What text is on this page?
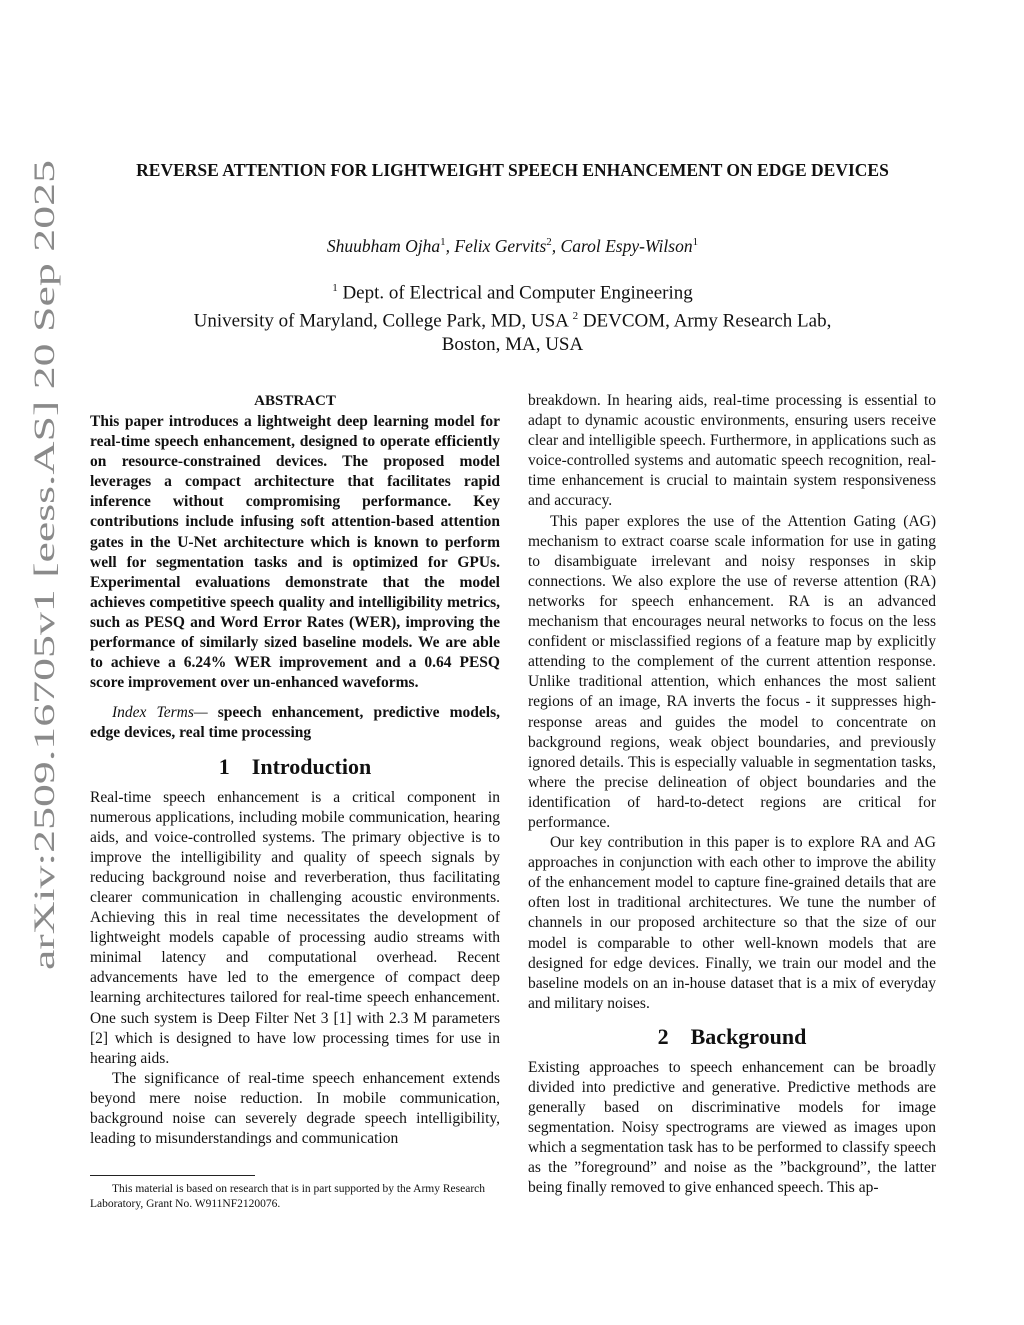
arXiv:2509.16705v1 [eess.AS] 20 Sep 2025
REVERSE ATTENTION FOR LIGHTWEIGHT SPEECH ENHANCEMENT ON EDGE DEVICES
Shuubham Ojha$^1$, Felix Gervits$^2$, Carol Espy-Wilson$^1$
$^1$ Dept. of Electrical and Computer Engineering
University of Maryland, College Park, MD, USA $^2$ DEVCOM, Army Research Lab,
Boston, MA, USA
ABSTRACT

This paper introduces a lightweight deep learning model for real-time speech enhancement, designed to operate efficiently on resource-constrained devices. The proposed model leverages a compact architecture that facilitates rapid inference without compromising performance. Key contributions include infusing soft attention-based attention gates in the U-Net architecture which is known to perform well for segmentation tasks and is optimized for GPUs. Experimental evaluations demonstrate that the model achieves competitive speech quality and intelligibility metrics, such as PESQ and Word Error Rates (WER), improving the performance of similarly sized baseline models. We are able to achieve a 6.24% WER improvement and a 0.64 PESQ score improvement over un-enhanced waveforms.

Index Terms— speech enhancement, predictive models, edge devices, real time processing

1 Introduction

Real-time speech enhancement is a critical component in numerous applications, including mobile communication, hearing aids, and voice-controlled systems. The primary objective is to improve the intelligibility and quality of speech signals by reducing background noise and reverberation, thus facilitating clearer communication in challenging acoustic environments. Achieving this in real time necessitates the development of lightweight models capable of processing audio streams with minimal latency and computational overhead. Recent advancements have led to the emergence of compact deep learning architectures tailored for real-time speech enhancement. One such system is Deep Filter Net 3 [1] with 2.3 M parameters [2] which is designed to have low processing times for use in hearing aids.

The significance of real-time speech enhancement extends beyond mere noise reduction. In mobile communication, background noise can severely degrade speech intelligibility, leading to misunderstandings and communication

breakdown. In hearing aids, real-time processing is essential to adapt to dynamic acoustic environments, ensuring users receive clear and intelligible speech. Furthermore, in applications such as voice-controlled systems and automatic speech recognition, real-time enhancement is crucial to maintain system responsiveness and accuracy.

This paper explores the use of the Attention Gating (AG) mechanism to extract coarse scale information for use in gating to disambiguate irrelevant and noisy responses in skip connections. We also explore the use of reverse attention (RA) networks for speech enhancement. RA is an advanced mechanism that encourages neural networks to focus on the less confident or misclassified regions of a feature map by explicitly attending to the complement of the current attention response. Unlike traditional attention, which enhances the most salient regions of an image, RA inverts the focus - it suppresses high-response areas and guides the model to concentrate on background regions, weak object boundaries, and previously ignored details. This is especially valuable in segmentation tasks, where the precise delineation of object boundaries and the identification of hard-to-detect regions are critical for performance.

Our key contribution in this paper is to explore RA and AG approaches in conjunction with each other to improve the ability of the enhancement model to capture fine-grained details that are often lost in traditional architectures. We tune the number of channels in our proposed architecture so that the size of our model is comparable to other well-known models that are designed for edge devices. Finally, we train our model and the baseline models on an in-house dataset that is a mix of everyday and military noises.

2 Background

Existing approaches to speech enhancement can be broadly divided into predictive and generative. Predictive methods are generally based on discriminative models for image segmentation. Noisy spectrograms are viewed as images upon which a segmentation task has to be performed to classify speech as the ”foreground” and noise as the ”background”, the latter being finally removed to give enhanced speech. This ap-

This material is based on research that is in part supported by the Army Research Laboratory, Grant No. W911NF2120076.
